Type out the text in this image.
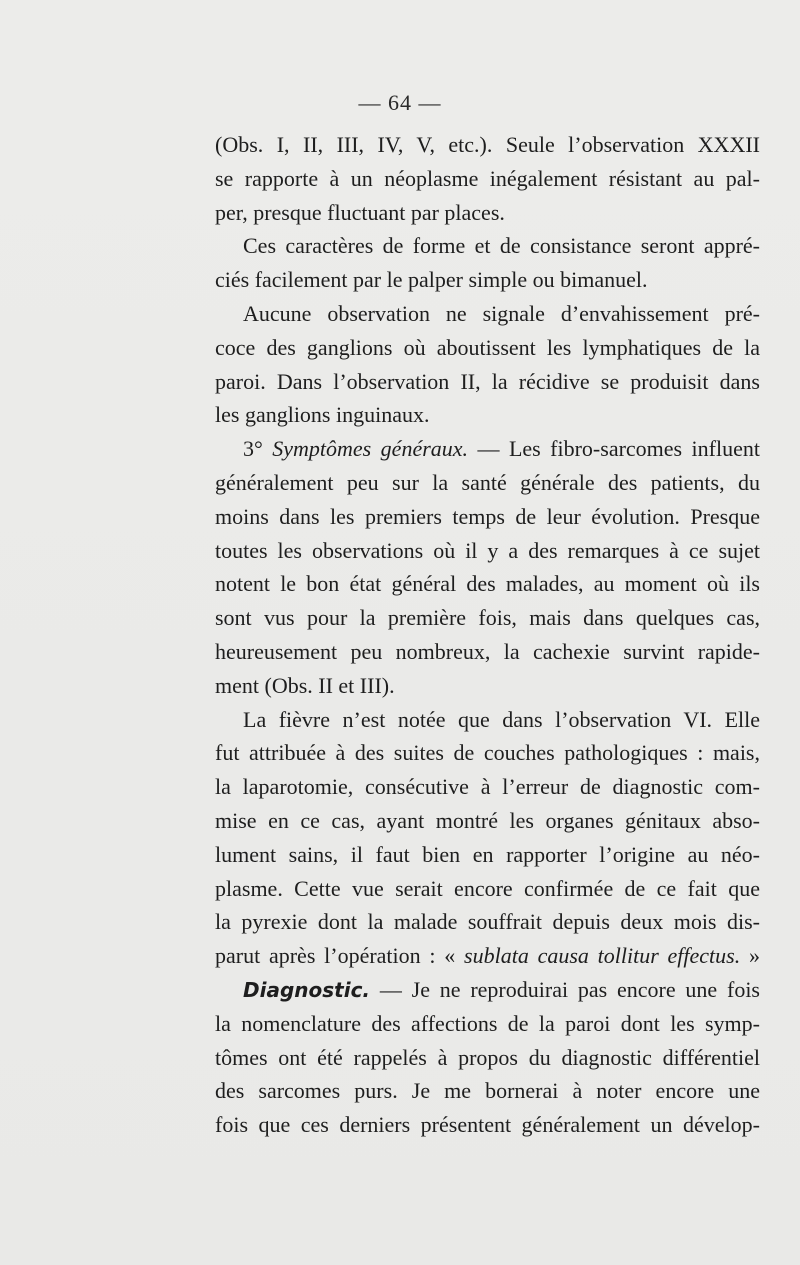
— 64 —
(Obs. I, II, III, IV, V, etc.). Seule l’observation XXXII
se rapporte à un néoplasme inégalement résistant au pal-
per, presque fluctuant par places.
Ces caractères de forme et de consistance seront appré-
ciés facilement par le palper simple ou bimanuel.
Aucune observation ne signale d’envahissement pré-
coce des ganglions où aboutissent les lymphatiques de la
paroi. Dans l’observation II, la récidive se produisit dans
les ganglions inguinaux.
3° Symptômes généraux. — Les fibro-sarcomes influent
généralement peu sur la santé générale des patients, du
moins dans les premiers temps de leur évolution. Presque
toutes les observations où il y a des remarques à ce sujet
notent le bon état général des malades, au moment où ils
sont vus pour la première fois, mais dans quelques cas,
heureusement peu nombreux, la cachexie survint rapide-
ment (Obs. II et III).
La fièvre n’est notée que dans l’observation VI. Elle
fut attribuée à des suites de couches pathologiques : mais,
la laparotomie, consécutive à l’erreur de diagnostic com-
mise en ce cas, ayant montré les organes génitaux abso-
lument sains, il faut bien en rapporter l’origine au néo-
plasme. Cette vue serait encore confirmée de ce fait que
la pyrexie dont la malade souffrait depuis deux mois dis-
parut après l’opération : « sublata causa tollitur effectus. »
Diagnostic. — Je ne reproduirai pas encore une fois
la nomenclature des affections de la paroi dont les symp-
tômes ont été rappelés à propos du diagnostic différentiel
des sarcomes purs. Je me bornerai à noter encore une
fois que ces derniers présentent généralement un dévelop-
